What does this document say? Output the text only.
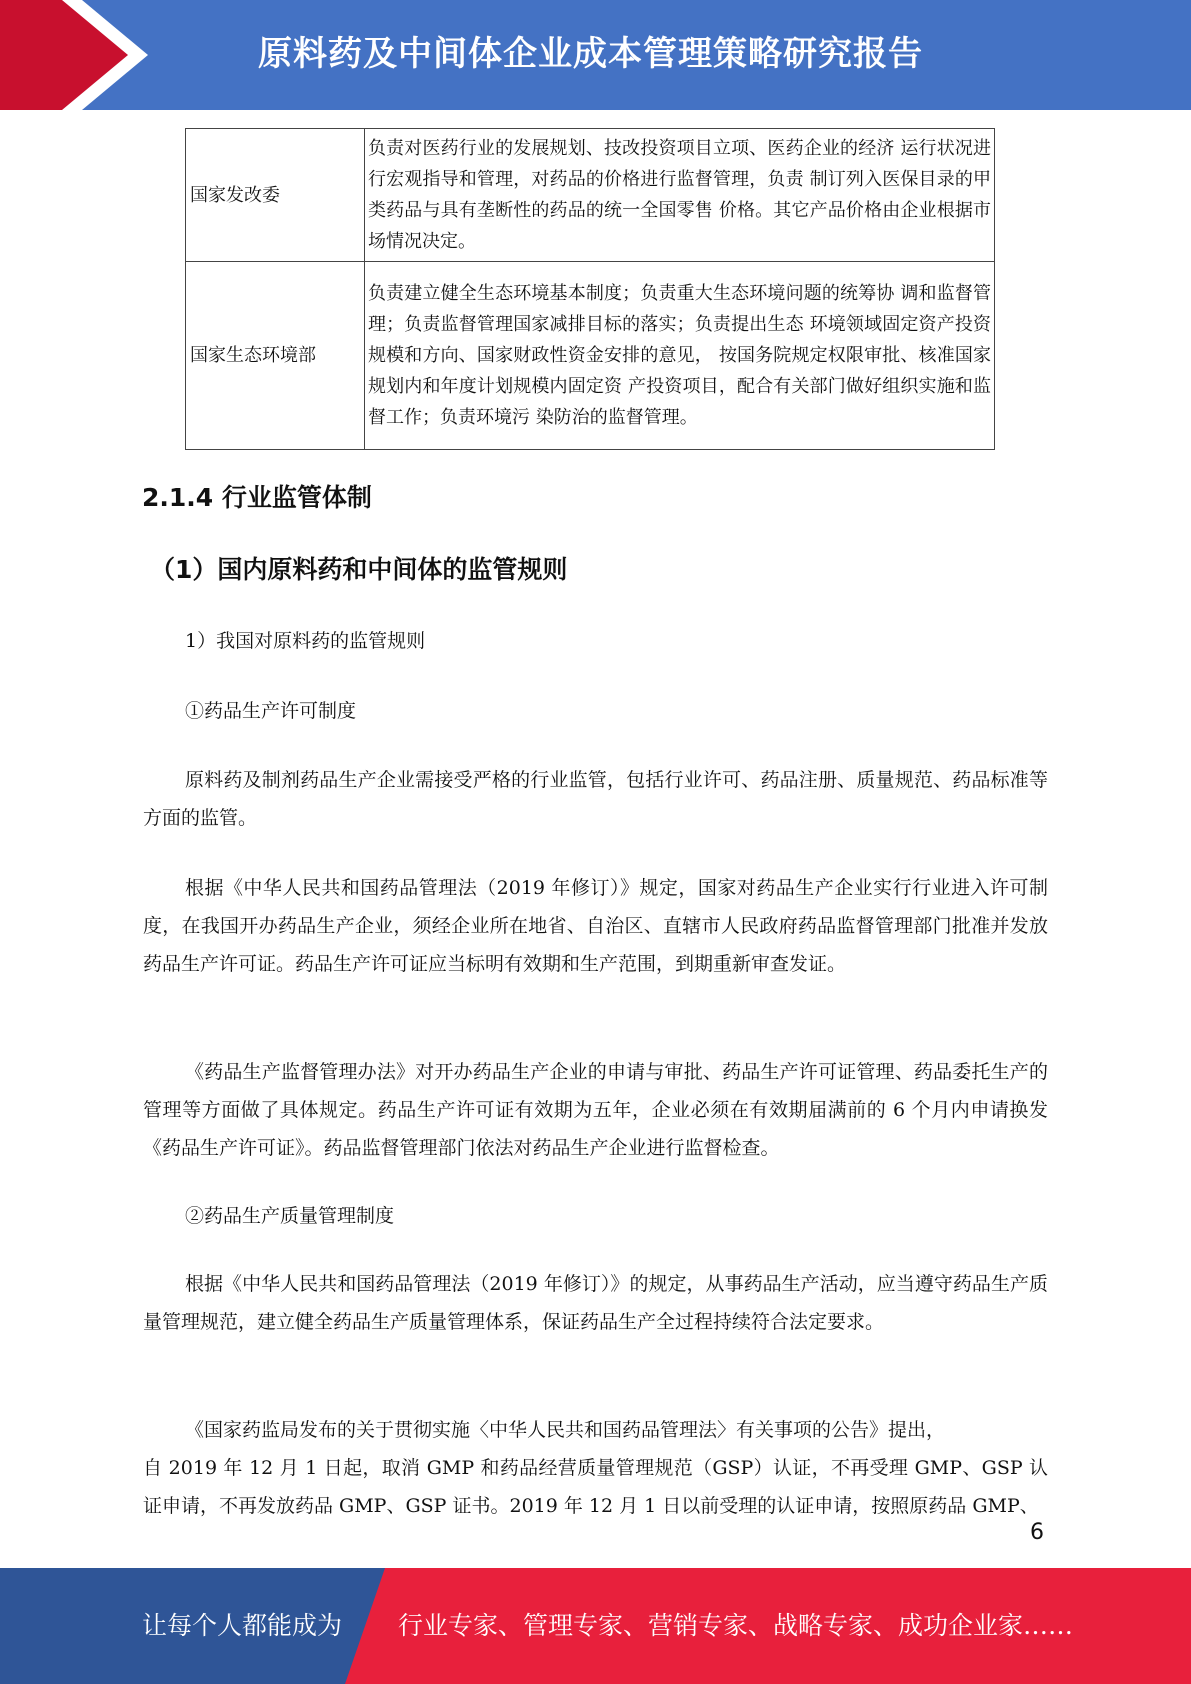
原料药及中间体企业成本管理策略研究报告
国家发改委	负责对医药行业的发展规划、技改投资项目立项、医药企业的经济 运行状况进行宏观指导和管理，对药品的价格进行监督管理，负责 制订列入医保目录的甲类药品与具有垄断性的药品的统一全国零售 价格。其它产品价格由企业根据市场情况决定。
国家生态环境部	负责建立健全生态环境基本制度；负责重大生态环境问题的统筹协 调和监督管理；负责监督管理国家减排目标的落实；负责提出生态 环境领域固定资产投资规模和方向、国家财政性资金安排的意见， 按国务院规定权限审批、核准国家规划内和年度计划规模内固定资 产投资项目，配合有关部门做好组织实施和监督工作；负责环境污 染防治的监督管理。
2.1.4 行业监管体制
（1）国内原料药和中间体的监管规则

1）我国对原料药的监管规则

①药品生产许可制度

原料药及制剂药品生产企业需接受严格的行业监管，包括行业许可、药品注册、质量规范、药品标准等方面的监管。

根据《中华人民共和国药品管理法（2019 年修订）》规定，国家对药品生产企业实行行业进入许可制度，在我国开办药品生产企业，须经企业所在地省、自治区、直辖市人民政府药品监督管理部门批准并发放药品生产许可证。药品生产许可证应当标明有效期和生产范围，到期重新审查发证。

《药品生产监督管理办法》对开办药品生产企业的申请与审批、药品生产许可证管理、药品委托生产的管理等方面做了具体规定。药品生产许可证有效期为五年，企业必须在有效期届满前的 6 个月内申请换发《药品生产许可证》。药品监督管理部门依法对药品生产企业进行监督检查。

②药品生产质量管理制度

根据《中华人民共和国药品管理法（2019 年修订）》的规定，从事药品生产活动，应当遵守药品生产质量管理规范，建立健全药品生产质量管理体系，保证药品生产全过程持续符合法定要求。

《国家药监局发布的关于贯彻实施〈中华人民共和国药品管理法〉有关事项的公告》提出，

自 2019 年 12 月 1 日起，取消 GMP 和药品经营质量管理规范（GSP）认证，不再受理 GMP、GSP 认证申请，不再发放药品 GMP、GSP 证书。2019 年 12 月 1 日以前受理的认证申请，按照原药品 GMP、

6
让每个人都能成为 行业专家、管理专家、营销专家、战略专家、成功企业家……
